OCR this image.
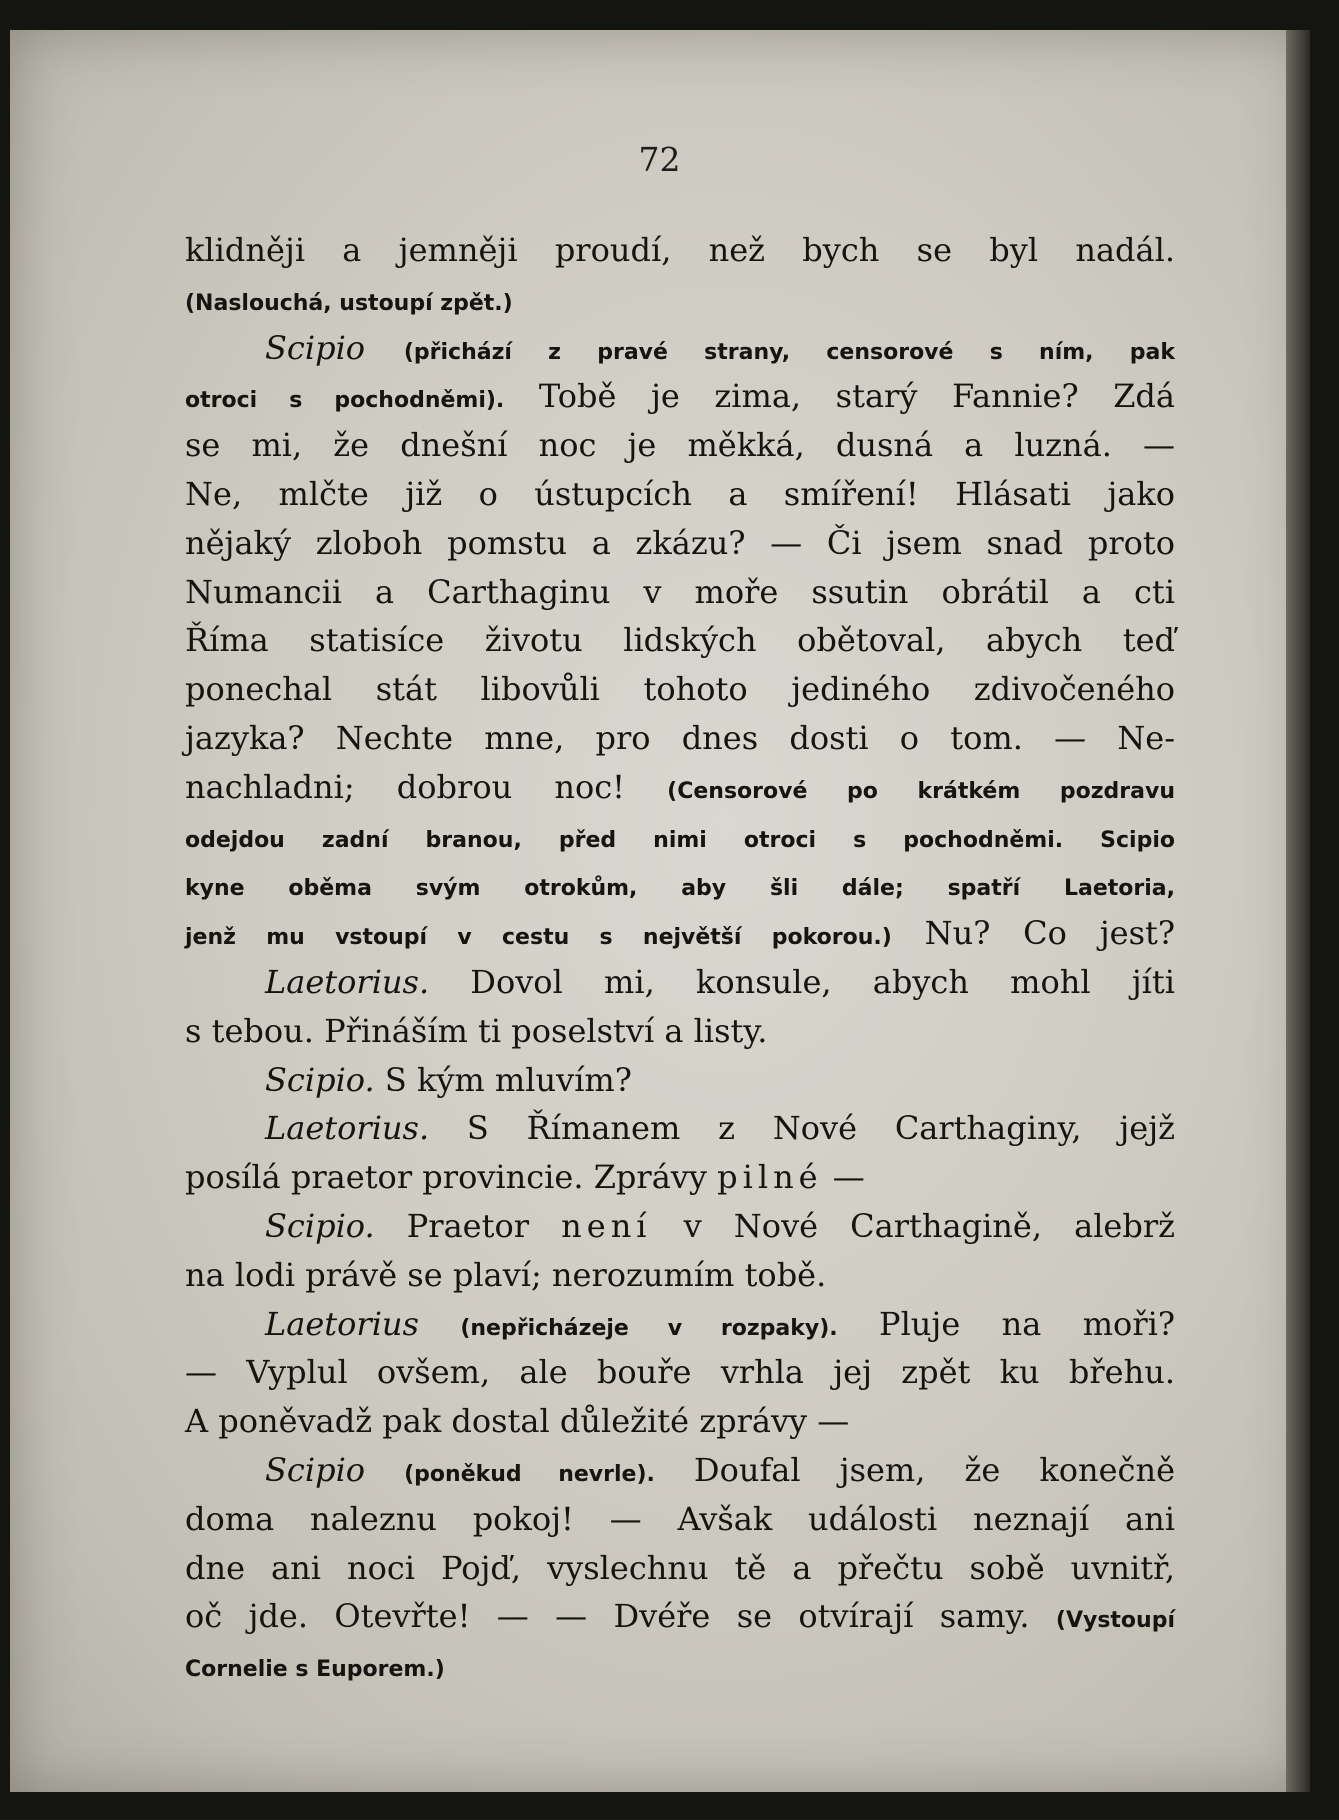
72
klidněji a jemněji proudí, než bych se byl nadál.
(Naslouchá, ustoupí zpět.)
Scipio (přichází z pravé strany, censorové s ním, pak
otroci s pochodněmi). Tobě je zima, starý Fannie? Zdá
se mi, že dnešní noc je měkká, dusná a luzná. —
Ne, mlčte již o ústupcích a smíření! Hlásati jako
nějaký zloboh pomstu a zkázu? — Či jsem snad proto
Numancii a Carthaginu v moře ssutin obrátil a cti
Říma statisíce životu lidských obětoval, abych teď
ponechal stát libovůli tohoto jediného zdivočeného
jazyka? Nechte mne, pro dnes dosti o tom. — Ne-
nachladni; dobrou noc! (Censorové po krátkém pozdravu
odejdou zadní branou, před nimi otroci s pochodněmi. Scipio
kyne oběma svým otrokům, aby šli dále; spatří Laetoria,
jenž mu vstoupí v cestu s největší pokorou.) Nu? Co jest?
Laetorius. Dovol mi, konsule, abych mohl jíti
s tebou. Přináším ti poselství a listy.
Scipio. S kým mluvím?
Laetorius. S Římanem z Nové Carthaginy, jejž
posílá praetor provincie. Zprávy pilné —
Scipio. Praetor není v Nové Carthagině, alebrž
na lodi právě se plaví; nerozumím tobě.
Laetorius (nepřicházeje v rozpaky). Pluje na moři?
— Vyplul ovšem, ale bouře vrhla jej zpět ku břehu.
A poněvadž pak dostal důležité zprávy —
Scipio (poněkud nevrle). Doufal jsem, že konečně
doma naleznu pokoj! — Avšak události neznají ani
dne ani noci Pojď, vyslechnu tě a přečtu sobě uvnitř,
oč jde. Otevřte! — — Dvéře se otvírají samy. (Vystoupí
Cornelie s Euporem.)
